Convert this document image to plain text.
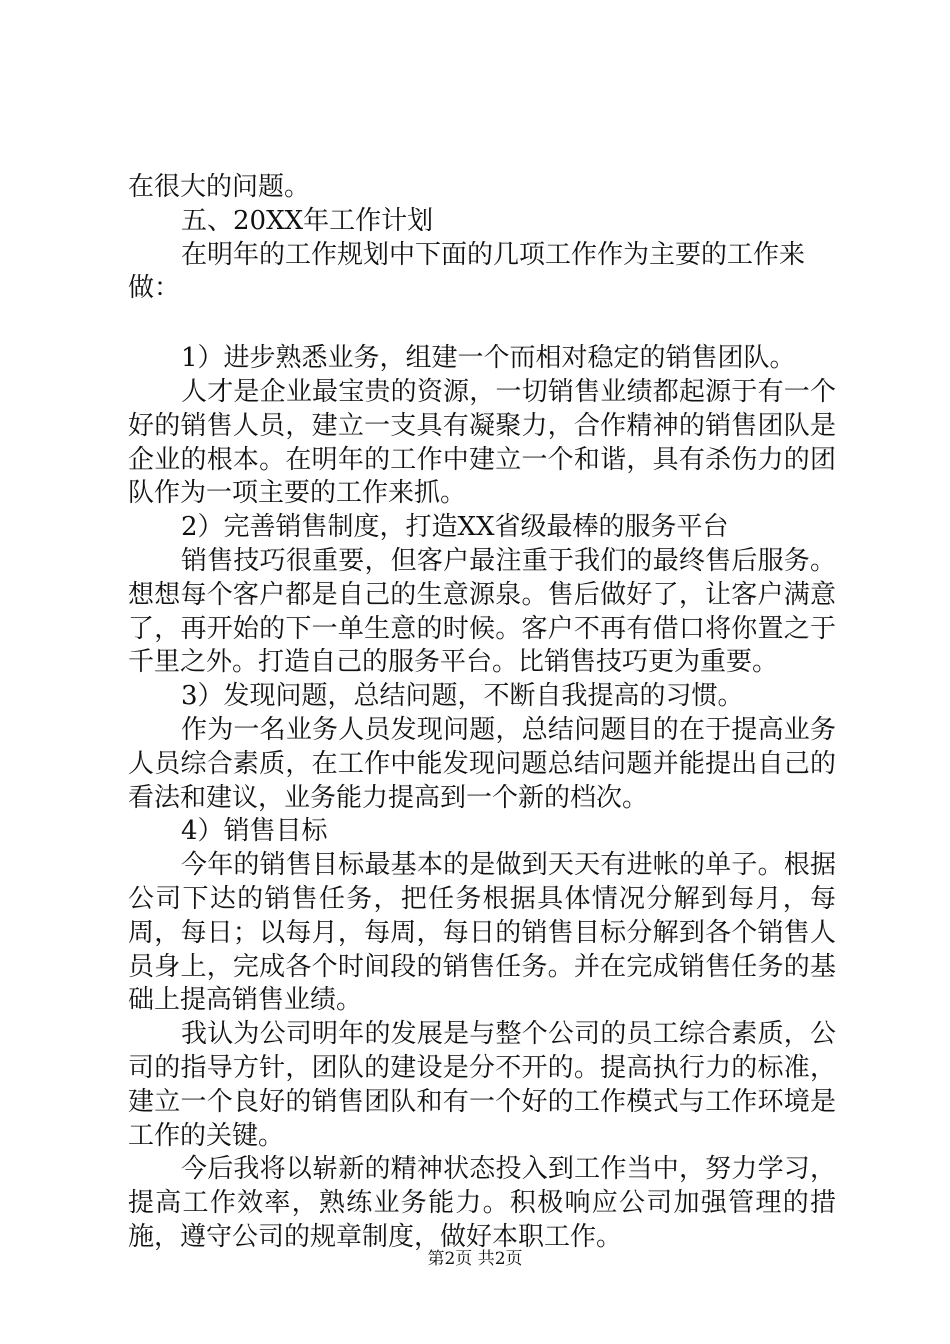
在很大的问题。

五、20XX年工作计划

在明年的工作规划中下面的几项工作作为主要的工作来做：

1）进步熟悉业务，组建一个而相对稳定的销售团队。

人才是企业最宝贵的资源，一切销售业绩都起源于有一个好的销售人员，建立一支具有凝聚力，合作精神的销售团队是企业的根本。在明年的工作中建立一个和谐，具有杀伤力的团队作为一项主要的工作来抓。

2）完善销售制度，打造XX省级最棒的服务平台

销售技巧很重要，但客户最注重于我们的最终售后服务。想想每个客户都是自己的生意源泉。售后做好了，让客户满意了，再开始的下一单生意的时候。客户不再有借口将你置之于千里之外。打造自己的服务平台。比销售技巧更为重要。

3）发现问题，总结问题，不断自我提高的习惯。

作为一名业务人员发现问题，总结问题目的在于提高业务人员综合素质，在工作中能发现问题总结问题并能提出自己的看法和建议，业务能力提高到一个新的档次。

4）销售目标

今年的销售目标最基本的是做到天天有进帐的单子。根据公司下达的销售任务，把任务根据具体情况分解到每月，每周，每日；以每月，每周，每日的销售目标分解到各个销售人员身上，完成各个时间段的销售任务。并在完成销售任务的基础上提高销售业绩。

我认为公司明年的发展是与整个公司的员工综合素质，公司的指导方针，团队的建设是分不开的。提高执行力的标准，建立一个良好的销售团队和有一个好的工作模式与工作环境是工作的关键。

今后我将以崭新的精神状态投入到工作当中，努力学习，提高工作效率，熟练业务能力。积极响应公司加强管理的措施，遵守公司的规章制度，做好本职工作。

第2页 共2页
